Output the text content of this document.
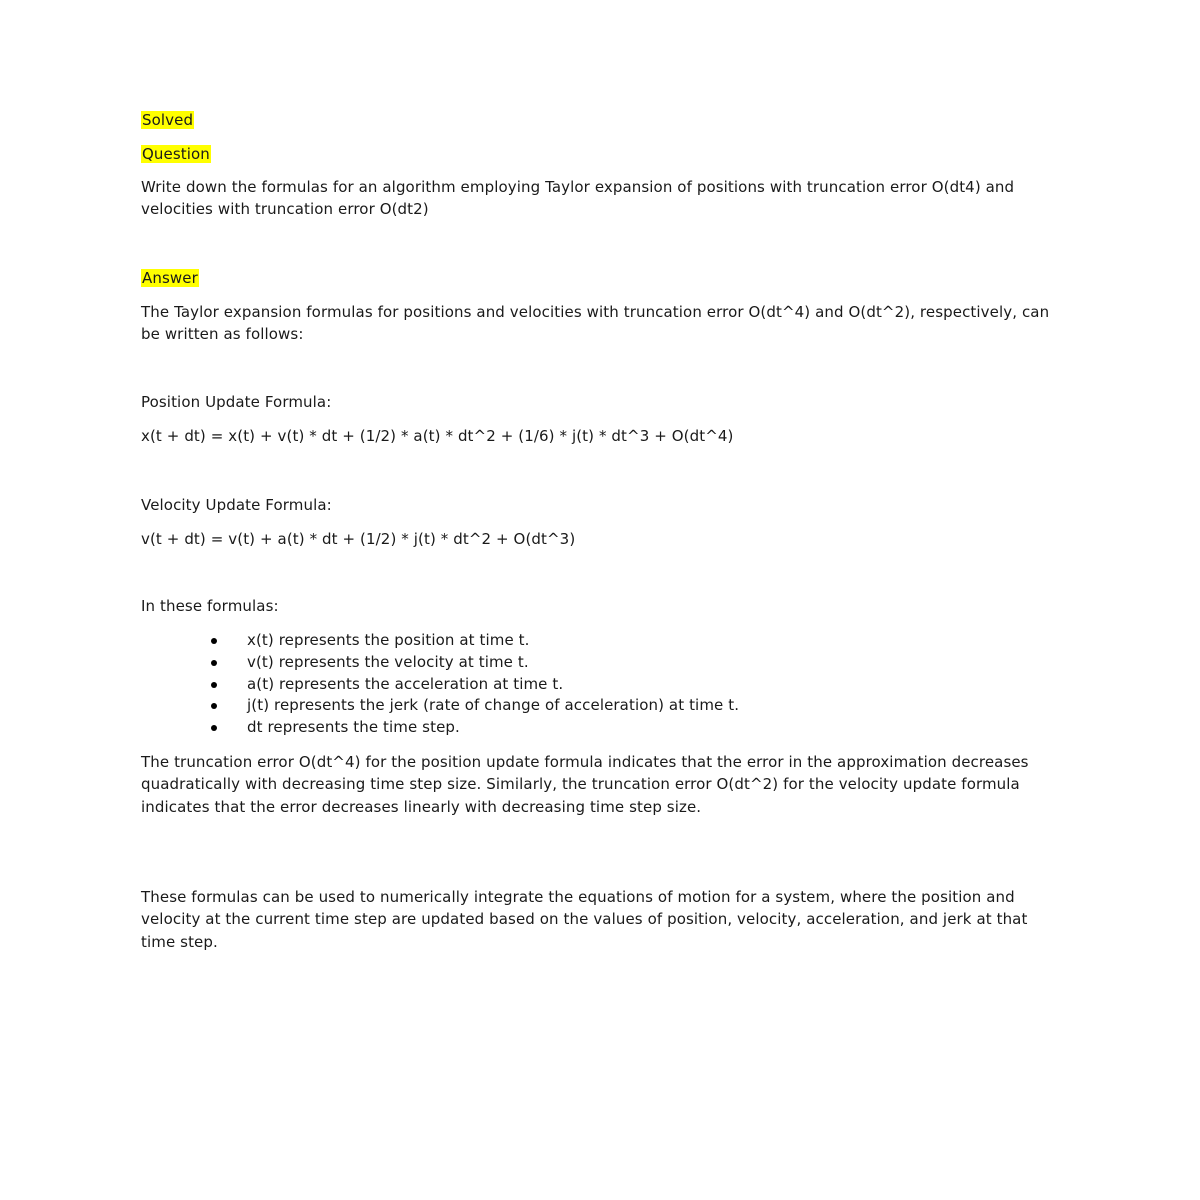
Solved
Question
Write down the formulas for an algorithm employing Taylor expansion of positions with truncation error O(dt4) and velocities with truncation error O(dt2)
Answer
The Taylor expansion formulas for positions and velocities with truncation error O(dt^4) and O(dt^2), respectively, can be written as follows:
Position Update Formula:
x(t + dt) = x(t) + v(t) * dt + (1/2) * a(t) * dt^2 + (1/6) * j(t) * dt^3 + O(dt^4)
Velocity Update Formula:
v(t + dt) = v(t) + a(t) * dt + (1/2) * j(t) * dt^2 + O(dt^3)
In these formulas:
x(t) represents the position at time t.
v(t) represents the velocity at time t.
a(t) represents the acceleration at time t.
j(t) represents the jerk (rate of change of acceleration) at time t.
dt represents the time step.
The truncation error O(dt^4) for the position update formula indicates that the error in the approximation decreases quadratically with decreasing time step size. Similarly, the truncation error O(dt^2) for the velocity update formula indicates that the error decreases linearly with decreasing time step size.
These formulas can be used to numerically integrate the equations of motion for a system, where the position and velocity at the current time step are updated based on the values of position, velocity, acceleration, and jerk at that time step.
